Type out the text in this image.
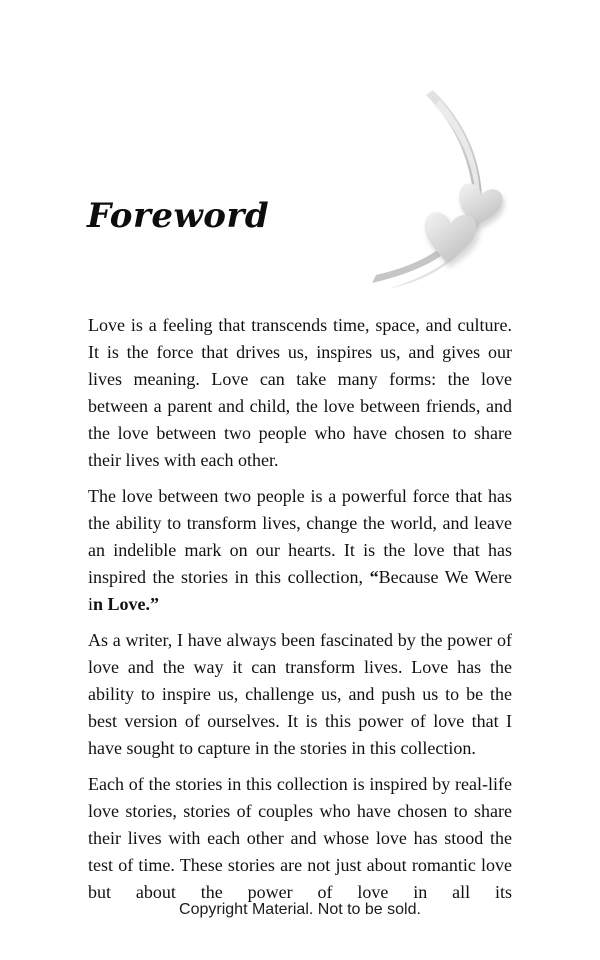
Foreword

Love is a feeling that transcends time, space, and culture. It is the force that drives us, inspires us, and gives our lives meaning. Love can take many forms: the love between a parent and child, the love between friends, and the love between two people who have chosen to share their lives with each other.

The love between two people is a powerful force that has the ability to transform lives, change the world, and leave an indelible mark on our hearts. It is the love that has inspired the stories in this collection, “Because We Were in Love.”

As a writer, I have always been fascinated by the power of love and the way it can transform lives. Love has the ability to inspire us, challenge us, and push us to be the best version of ourselves. It is this power of love that I have sought to capture in the stories in this collection.

Each of the stories in this collection is inspired by real-life love stories, stories of couples who have chosen to share their lives with each other and whose love has stood the test of time. These stories are not just about romantic love but about the power of love in all its

Copyright Material. Not to be sold.
